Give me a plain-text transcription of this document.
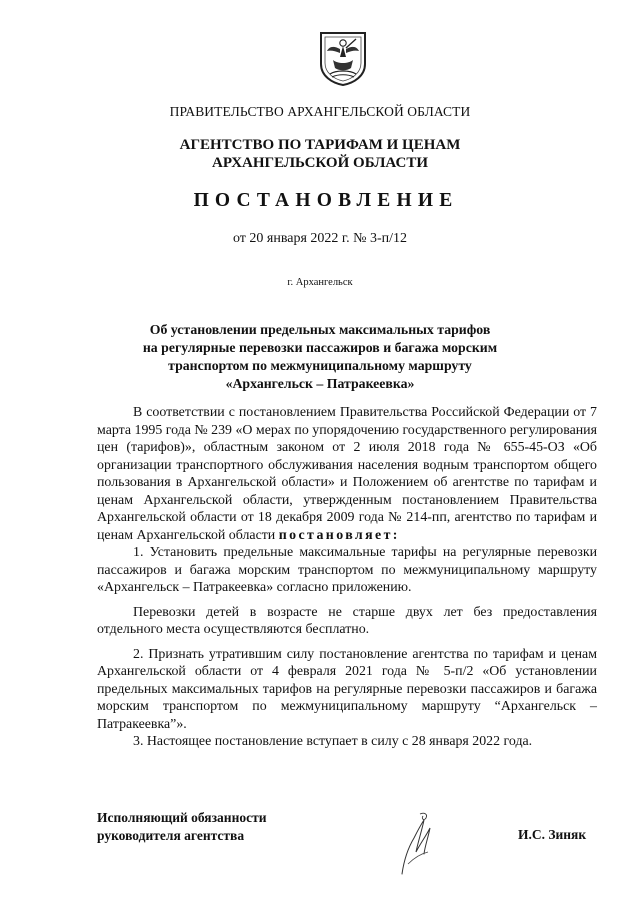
ПРАВИТЕЛЬСТВО АРХАНГЕЛЬСКОЙ ОБЛАСТИ
АГЕНТСТВО ПО ТАРИФАМ И ЦЕНАМ
АРХАНГЕЛЬСКОЙ ОБЛАСТИ
ПОСТАНОВЛЕНИЕ
от 20 января 2022 г. № 3-п/12
г. Архангельск
Об установлении предельных максимальных тарифов
на регулярные перевозки пассажиров и багажа морским
транспортом по межмуниципальному маршруту
«Архангельск – Патракеевка»

В соответствии с постановлением Правительства Российской Федерации от 7 марта 1995 года № 239 «О мерах по упорядочению государственного регулирования цен (тарифов)», областным законом от 2 июля 2018 года № 655-45-ОЗ «Об организации транспортного обслуживания населения водным транспортом общего пользования в Архангельской области» и Положением об агентстве по тарифам и ценам Архангельской области, утвержденным постановлением Правительства Архангельской области от 18 декабря 2009 года № 214-пп, агентство по тарифам и ценам Архангельской области постановляет:

1. Установить предельные максимальные тарифы на регулярные перевозки пассажиров и багажа морским транспортом по межмуниципальному маршруту «Архангельск – Патракеевка» согласно приложению.

Перевозки детей в возрасте не старше двух лет без предоставления отдельного места осуществляются бесплатно.

2. Признать утратившим силу постановление агентства по тарифам и ценам Архангельской области от 4 февраля 2021 года № 5-п/2 «Об установлении предельных максимальных тарифов на регулярные перевозки пассажиров и багажа морским транспортом по межмуниципальному маршруту “Архангельск – Патракеевка”».

3. Настоящее постановление вступает в силу с 28 января 2022 года.

Исполняющий обязанности
руководителя агентства	И.С. Зиняк
